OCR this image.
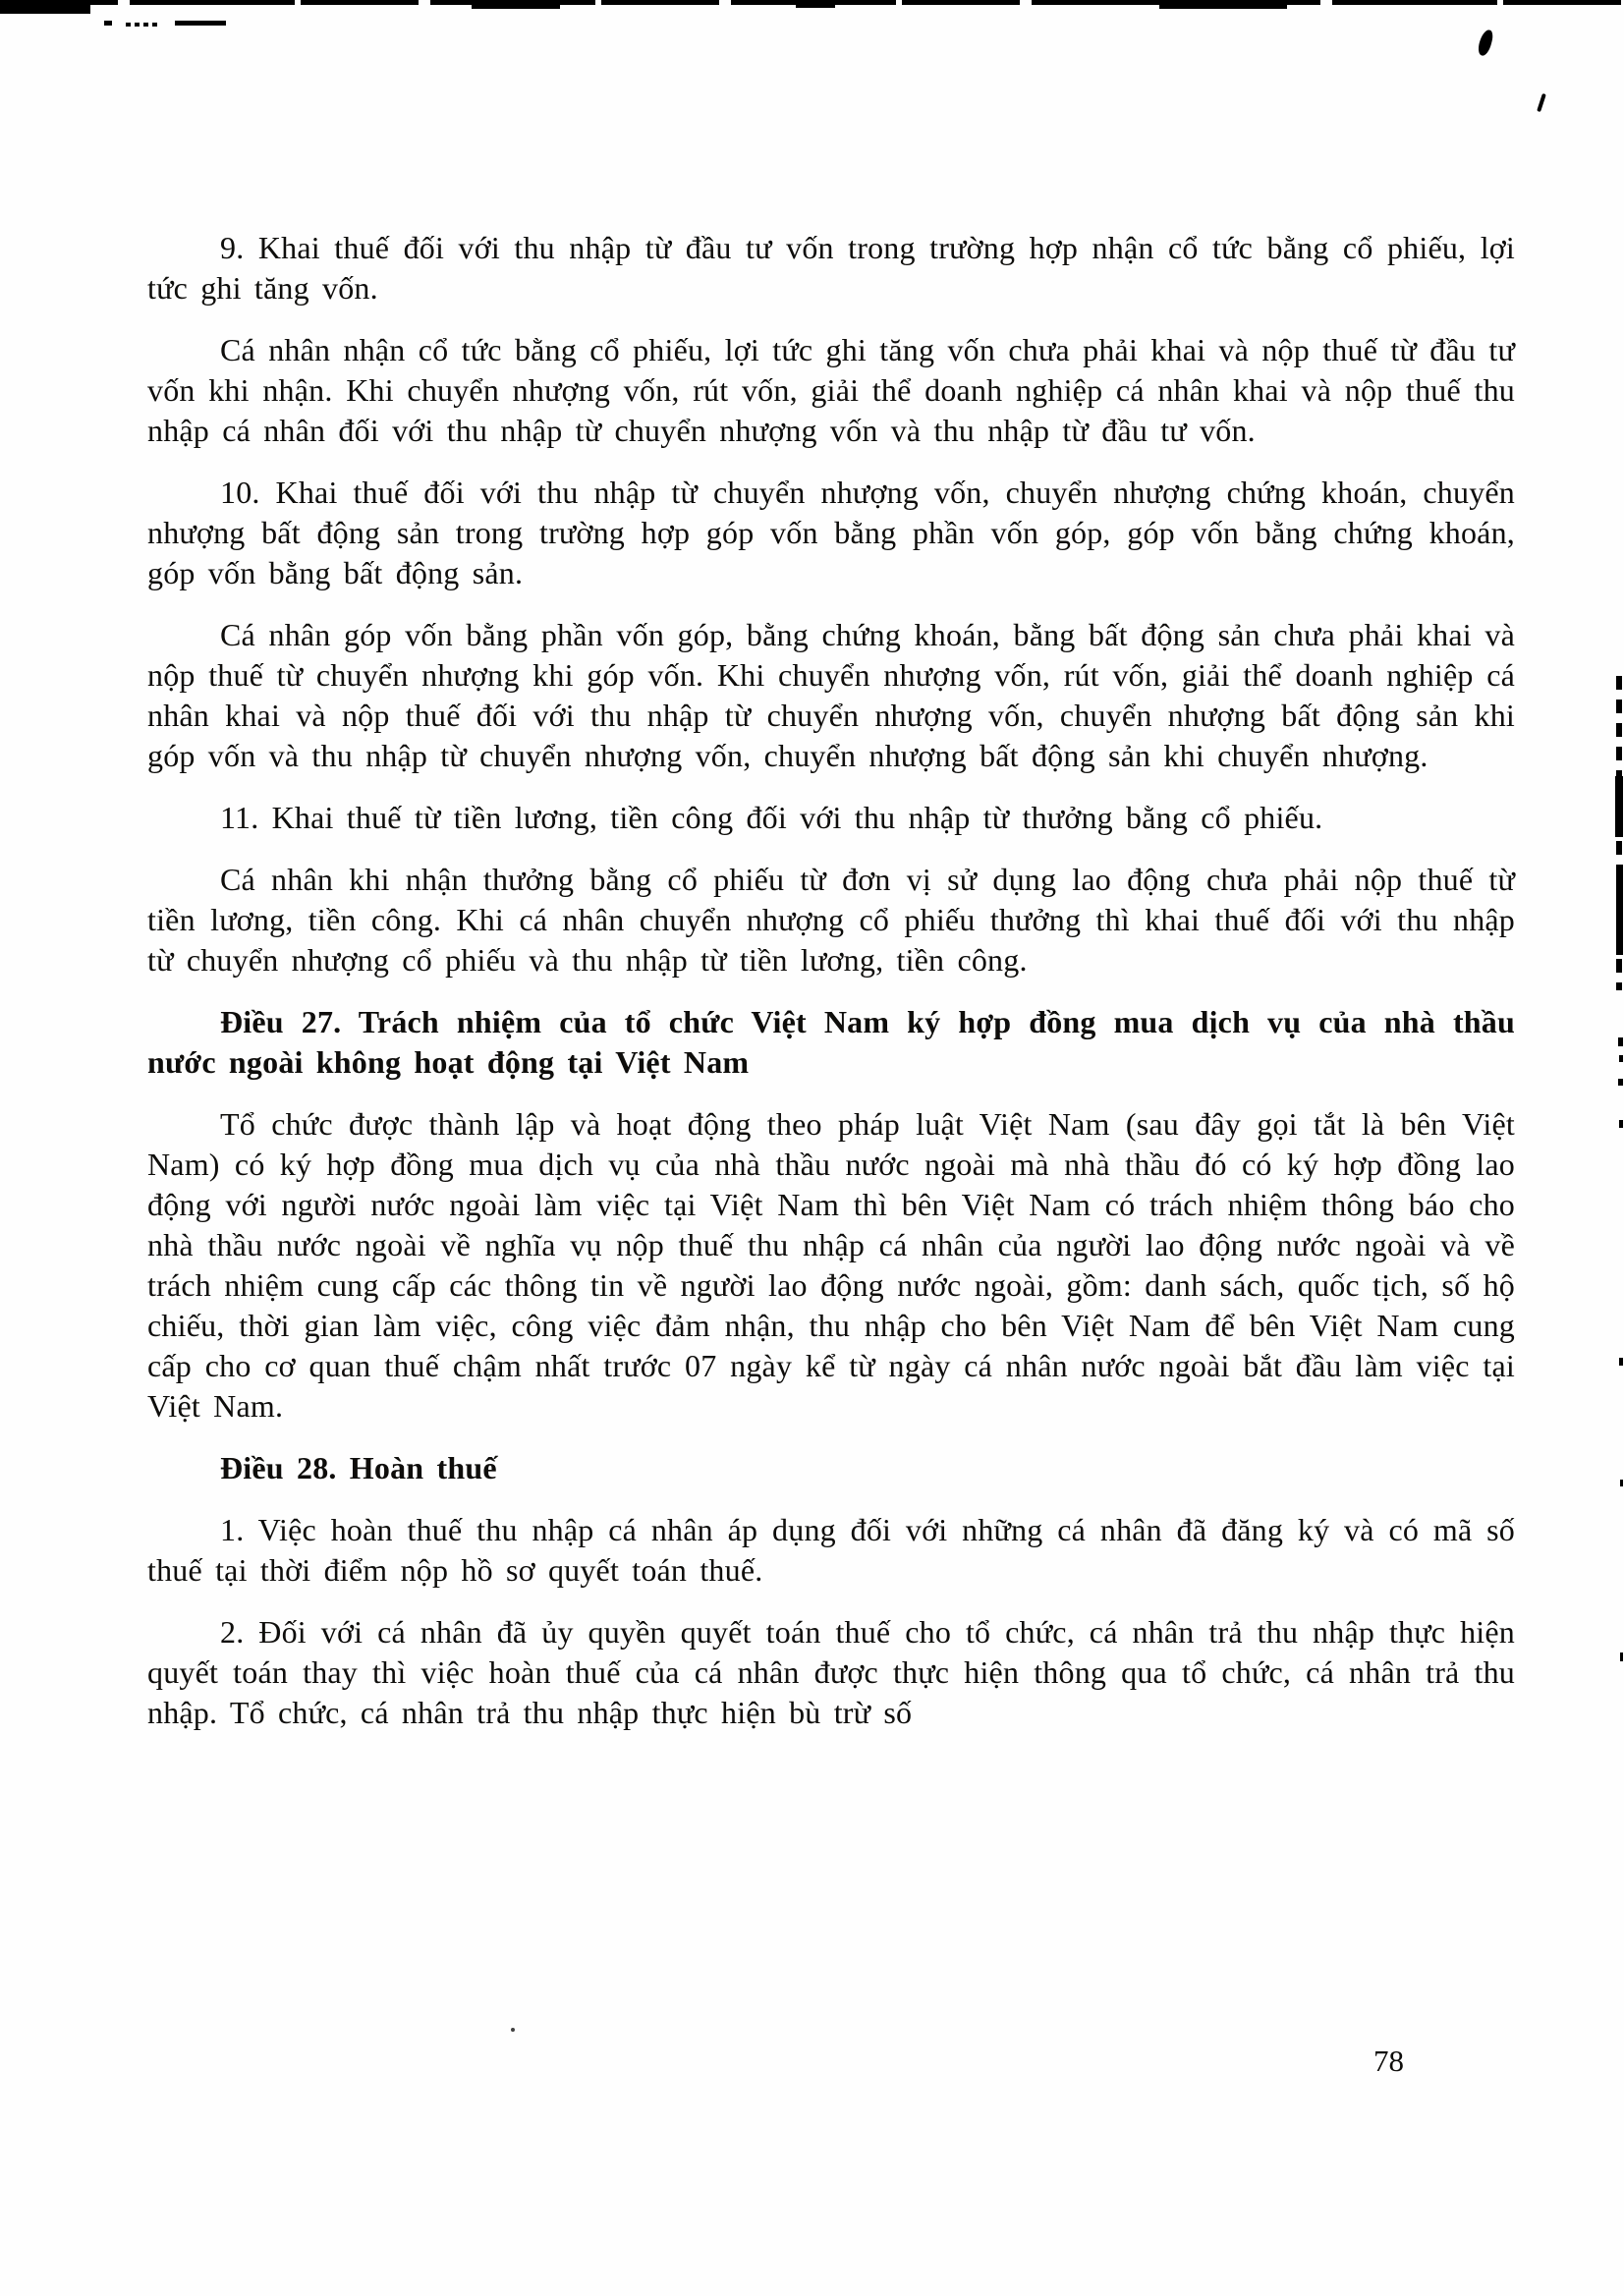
9. Khai thuế đối với thu nhập từ đầu tư vốn trong trường hợp nhận cổ tức bằng cổ phiếu, lợi tức ghi tăng vốn.

Cá nhân nhận cổ tức bằng cổ phiếu, lợi tức ghi tăng vốn chưa phải khai và nộp thuế từ đầu tư vốn khi nhận. Khi chuyển nhượng vốn, rút vốn, giải thể doanh nghiệp cá nhân khai và nộp thuế thu nhập cá nhân đối với thu nhập từ chuyển nhượng vốn và thu nhập từ đầu tư vốn.

10. Khai thuế đối với thu nhập từ chuyển nhượng vốn, chuyển nhượng chứng khoán, chuyển nhượng bất động sản trong trường hợp góp vốn bằng phần vốn góp, góp vốn bằng chứng khoán, góp vốn bằng bất động sản.

Cá nhân góp vốn bằng phần vốn góp, bằng chứng khoán, bằng bất động sản chưa phải khai và nộp thuế từ chuyển nhượng khi góp vốn. Khi chuyển nhượng vốn, rút vốn, giải thể doanh nghiệp cá nhân khai và nộp thuế đối với thu nhập từ chuyển nhượng vốn, chuyển nhượng bất động sản khi góp vốn và thu nhập từ chuyển nhượng vốn, chuyển nhượng bất động sản khi chuyển nhượng.

11. Khai thuế từ tiền lương, tiền công đối với thu nhập từ thưởng bằng cổ phiếu.

Cá nhân khi nhận thưởng bằng cổ phiếu từ đơn vị sử dụng lao động chưa phải nộp thuế từ tiền lương, tiền công. Khi cá nhân chuyển nhượng cổ phiếu thưởng thì khai thuế đối với thu nhập từ chuyển nhượng cổ phiếu và thu nhập từ tiền lương, tiền công.

Điều 27. Trách nhiệm của tổ chức Việt Nam ký hợp đồng mua dịch vụ của nhà thầu nước ngoài không hoạt động tại Việt Nam

Tổ chức được thành lập và hoạt động theo pháp luật Việt Nam (sau đây gọi tắt là bên Việt Nam) có ký hợp đồng mua dịch vụ của nhà thầu nước ngoài mà nhà thầu đó có ký hợp đồng lao động với người nước ngoài làm việc tại Việt Nam thì bên Việt Nam có trách nhiệm thông báo cho nhà thầu nước ngoài về nghĩa vụ nộp thuế thu nhập cá nhân của người lao động nước ngoài và về trách nhiệm cung cấp các thông tin về người lao động nước ngoài, gồm: danh sách, quốc tịch, số hộ chiếu, thời gian làm việc, công việc đảm nhận, thu nhập cho bên Việt Nam để bên Việt Nam cung cấp cho cơ quan thuế chậm nhất trước 07 ngày kể từ ngày cá nhân nước ngoài bắt đầu làm việc tại Việt Nam.

Điều 28. Hoàn thuế

1. Việc hoàn thuế thu nhập cá nhân áp dụng đối với những cá nhân đã đăng ký và có mã số thuế tại thời điểm nộp hồ sơ quyết toán thuế.

2. Đối với cá nhân đã ủy quyền quyết toán thuế cho tổ chức, cá nhân trả thu nhập thực hiện quyết toán thay thì việc hoàn thuế của cá nhân được thực hiện thông qua tổ chức, cá nhân trả thu nhập. Tổ chức, cá nhân trả thu nhập thực hiện bù trừ số

78
